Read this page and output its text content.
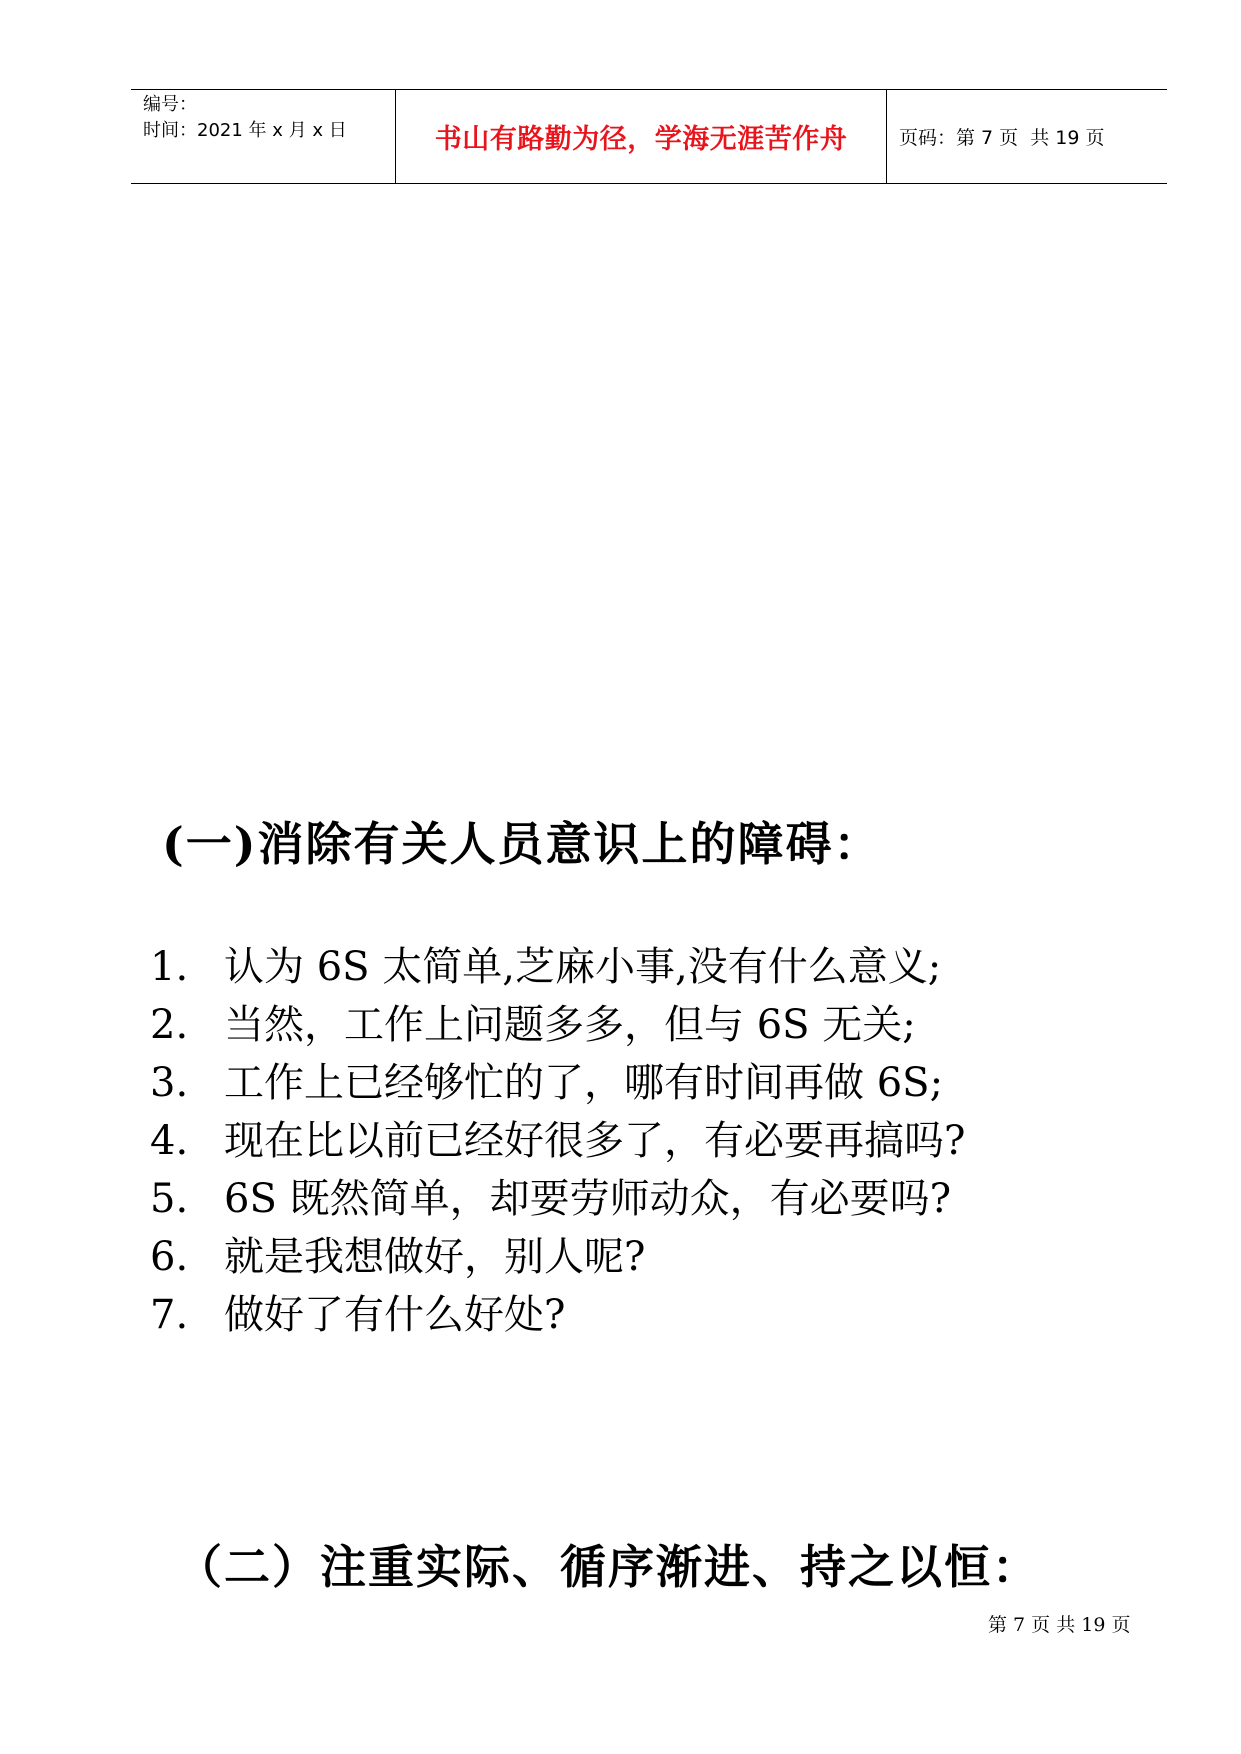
编号：
时间：2021 年 x 月 x 日	书山有路勤为径，学海无涯苦作舟	页码：第 7 页  共 19 页
(一)消除有关人员意识上的障碍：
1. 认为 6S 太简单,芝麻小事,没有什么意义;
2. 当然，工作上问题多多，但与 6S 无关;
3. 工作上已经够忙的了，哪有时间再做 6S;
4. 现在比以前已经好很多了，有必要再搞吗?
5. 6S 既然简单，却要劳师动众，有必要吗?
6. 就是我想做好，别人呢?
7. 做好了有什么好处?
（二）注重实际、循序渐进、持之以恒：
第 7 页 共 19 页
